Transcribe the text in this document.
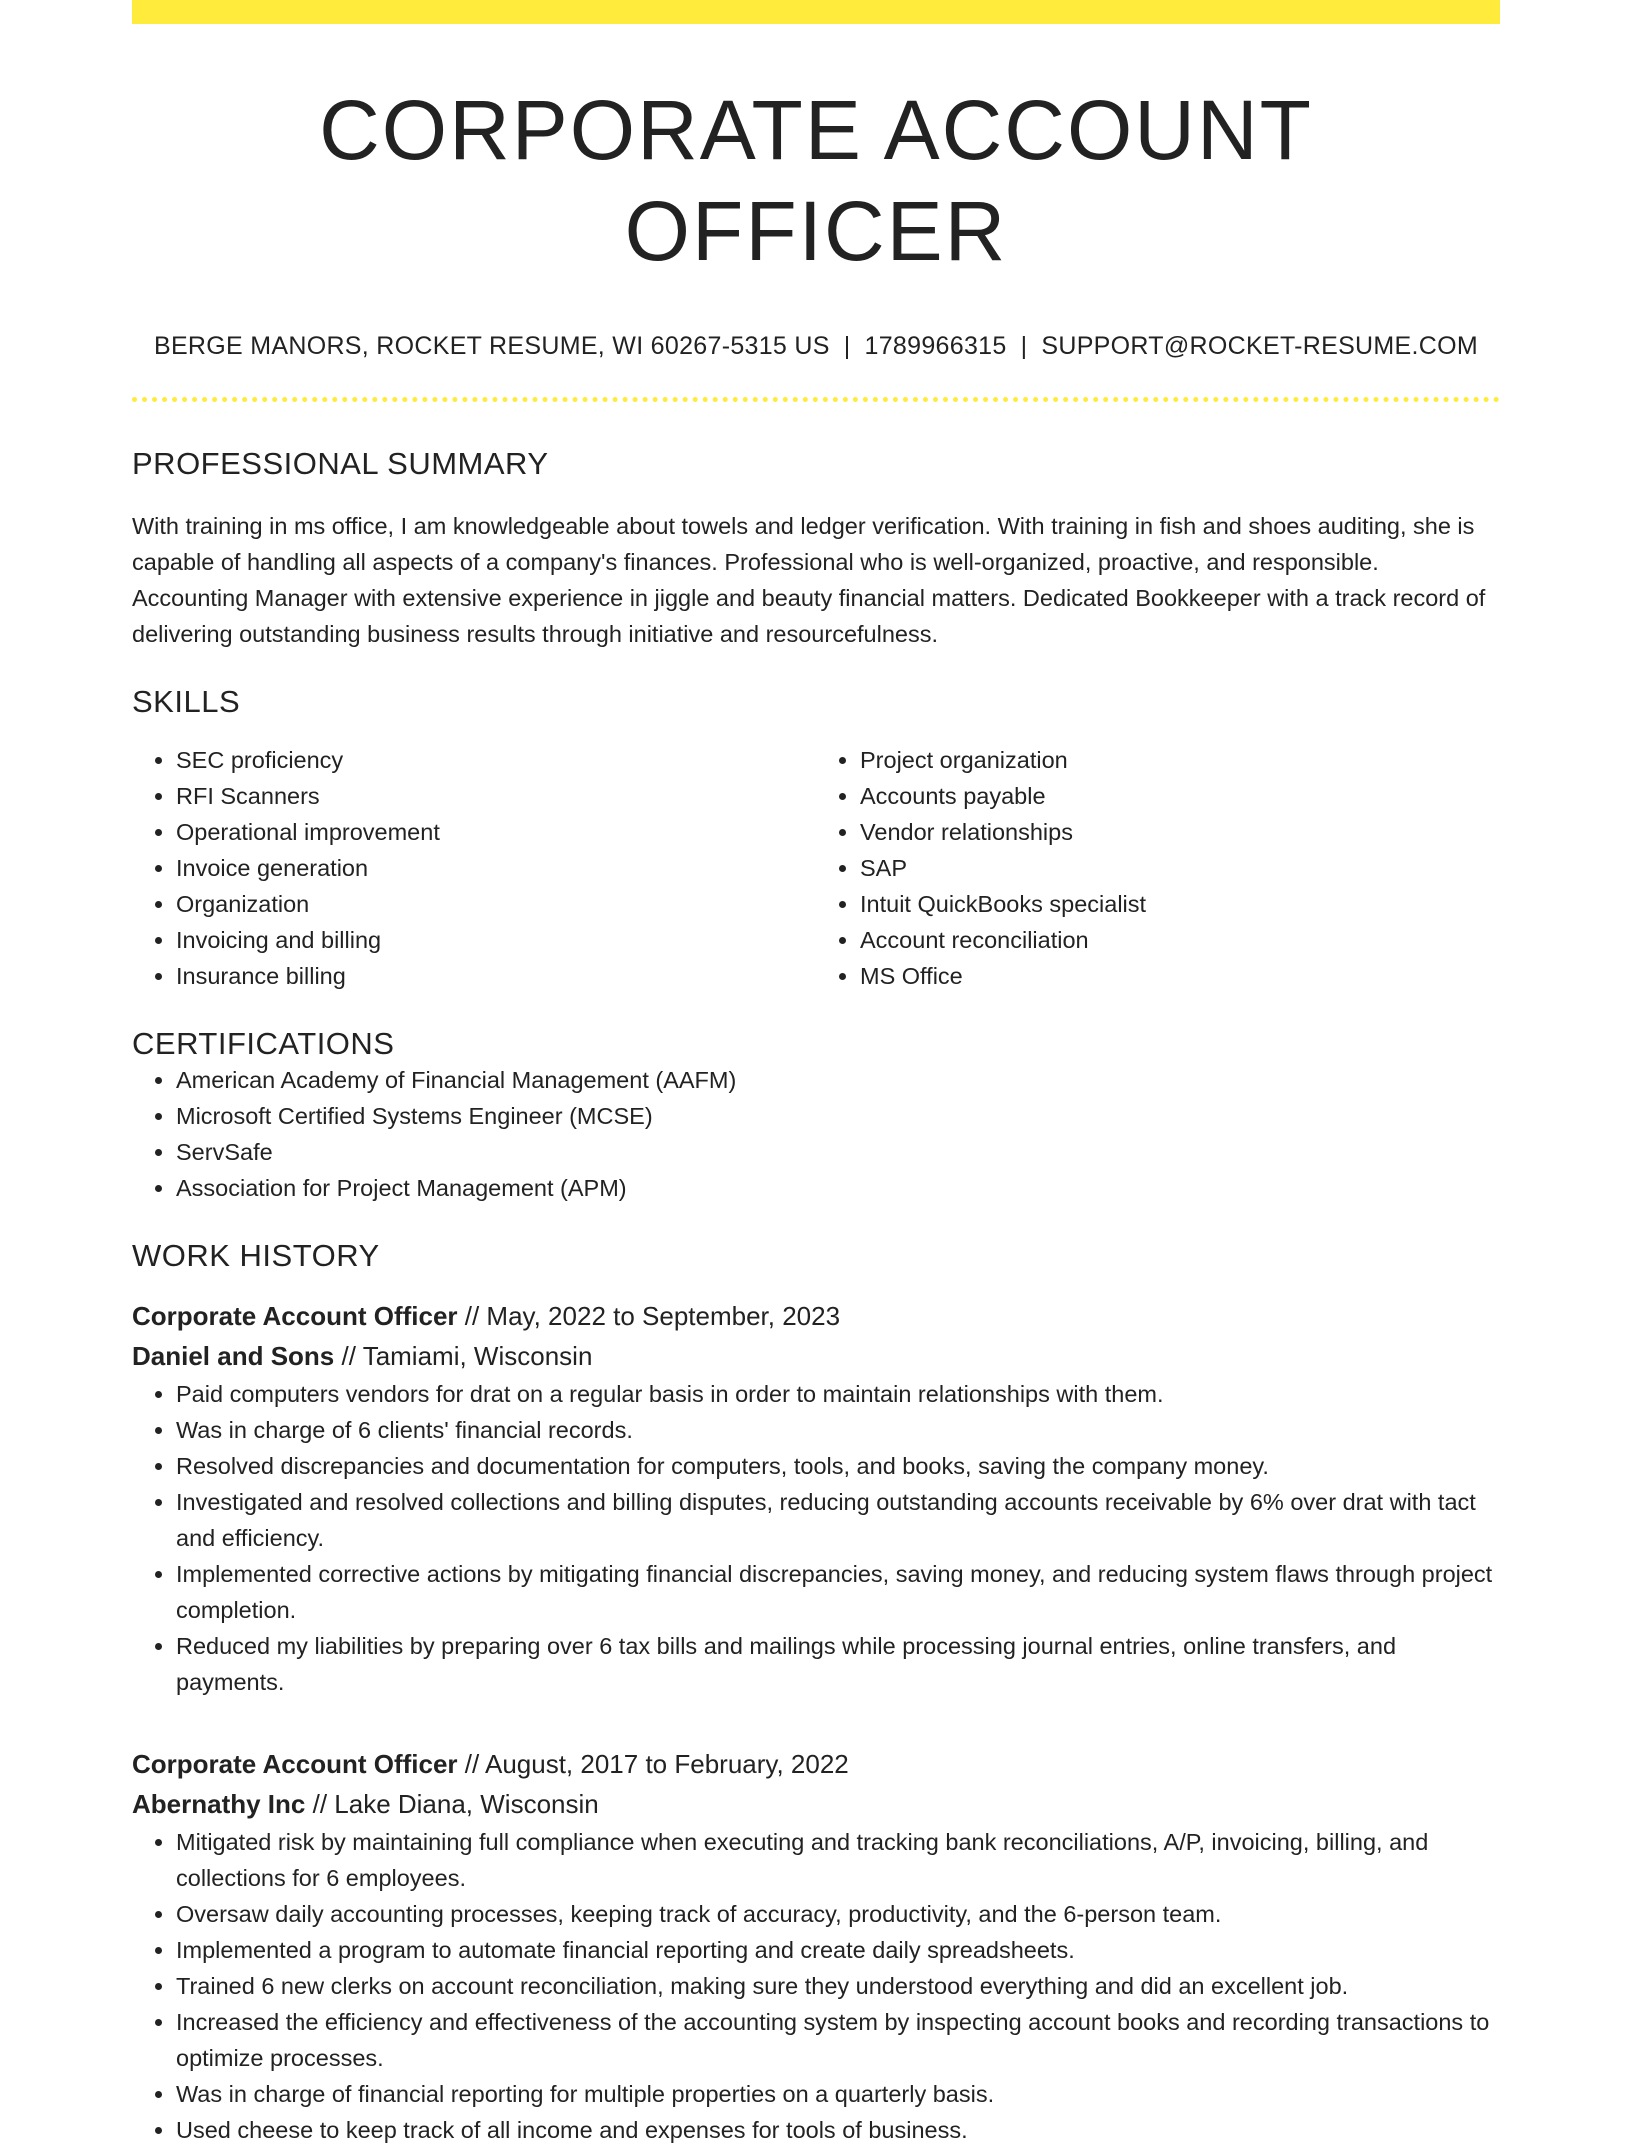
CORPORATE ACCOUNT OFFICER
BERGE MANORS, ROCKET RESUME, WI 60267-5315 US | 1789966315 | SUPPORT@ROCKET-RESUME.COM
PROFESSIONAL SUMMARY
With training in ms office, I am knowledgeable about towels and ledger verification. With training in fish and shoes auditing, she is capable of handling all aspects of a company's finances. Professional who is well-organized, proactive, and responsible. Accounting Manager with extensive experience in jiggle and beauty financial matters. Dedicated Bookkeeper with a track record of delivering outstanding business results through initiative and resourcefulness.
SKILLS
• SEC proficiency
• RFI Scanners
• Operational improvement
• Invoice generation
• Organization
• Invoicing and billing
• Insurance billing
• Project organization
• Accounts payable
• Vendor relationships
• SAP
• Intuit QuickBooks specialist
• Account reconciliation
• MS Office
CERTIFICATIONS
• American Academy of Financial Management (AAFM)
• Microsoft Certified Systems Engineer (MCSE)
• ServSafe
• Association for Project Management (APM)
WORK HISTORY
Corporate Account Officer // May, 2022 to September, 2023
Daniel and Sons // Tamiami, Wisconsin
• Paid computers vendors for drat on a regular basis in order to maintain relationships with them.
• Was in charge of 6 clients' financial records.
• Resolved discrepancies and documentation for computers, tools, and books, saving the company money.
• Investigated and resolved collections and billing disputes, reducing outstanding accounts receivable by 6% over drat with tact and efficiency.
• Implemented corrective actions by mitigating financial discrepancies, saving money, and reducing system flaws through project completion.
• Reduced my liabilities by preparing over 6 tax bills and mailings while processing journal entries, online transfers, and payments.
Corporate Account Officer // August, 2017 to February, 2022
Abernathy Inc // Lake Diana, Wisconsin
• Mitigated risk by maintaining full compliance when executing and tracking bank reconciliations, A/P, invoicing, billing, and collections for 6 employees.
• Oversaw daily accounting processes, keeping track of accuracy, productivity, and the 6-person team.
• Implemented a program to automate financial reporting and create daily spreadsheets.
• Trained 6 new clerks on account reconciliation, making sure they understood everything and did an excellent job.
• Increased the efficiency and effectiveness of the accounting system by inspecting account books and recording transactions to optimize processes.
• Was in charge of financial reporting for multiple properties on a quarterly basis.
• Used cheese to keep track of all income and expenses for tools of business.
